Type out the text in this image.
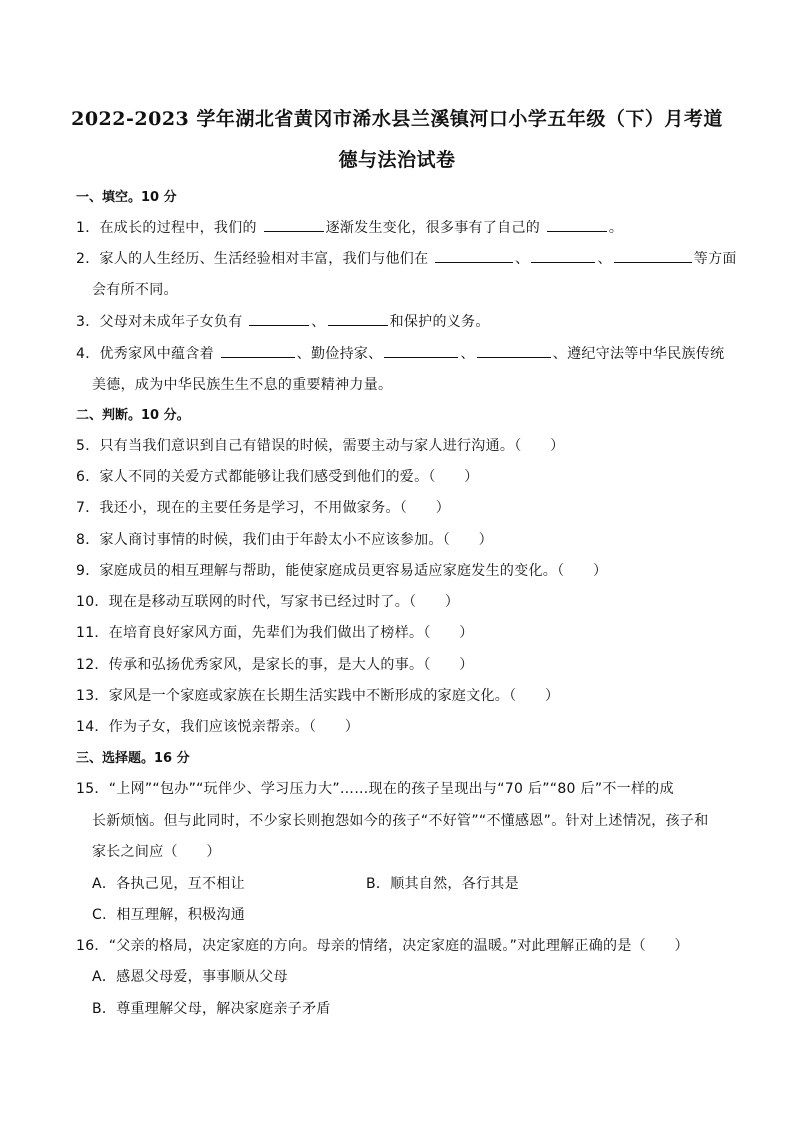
2022-2023 学年湖北省黄冈市浠水县兰溪镇河口小学五年级（下）月考道
德与法治试卷
一、填空。10 分
1．在成长的过程中，我们的	逐渐发生变化，很多事有了自己的	。
2．家人的人生经历、生活经验相对丰富，我们与他们在	、	、	等方面
会有所不同。
3．父母对未成年子女负有	、	和保护的义务。
4．优秀家风中蕴含着	、勤俭持家、	、	、遵纪守法等中华民族传统
美德，成为中华民族生生不息的重要精神力量。
二、判断。10 分。
5．只有当我们意识到自己有错误的时候，需要主动与家人进行沟通。（　　）
6．家人不同的关爱方式都能够让我们感受到他们的爱。（　　）
7．我还小，现在的主要任务是学习，不用做家务。（　　）
8．家人商讨事情的时候，我们由于年龄太小不应该参加。（　　）
9．家庭成员的相互理解与帮助，能使家庭成员更容易适应家庭发生的变化。（　　）
10．现在是移动互联网的时代，写家书已经过时了。（　　）
11．在培育良好家风方面，先辈们为我们做出了榜样。（　　）
12．传承和弘扬优秀家风，是家长的事，是大人的事。（　　）
13．家风是一个家庭或家族在长期生活实践中不断形成的家庭文化。（　　）
14．作为子女，我们应该悦亲帮亲。（　　）
三、选择题。16 分
15．“上网”“包办”“玩伴少、学习压力大”……现在的孩子呈现出与“70 后”“80 后”不一样的成
长新烦恼。但与此同时，不少家长则抱怨如今的孩子“不好管”“不懂感恩”。针对上述情况，孩子和
家长之间应（　　）
A．各执己见，互不相让	B．顺其自然，各行其是
C．相互理解，积极沟通
16．“父亲的格局，决定家庭的方向。母亲的情绪，决定家庭的温暖。”对此理解正确的是（　　）
A．感恩父母爱，事事顺从父母
B．尊重理解父母，解决家庭亲子矛盾
